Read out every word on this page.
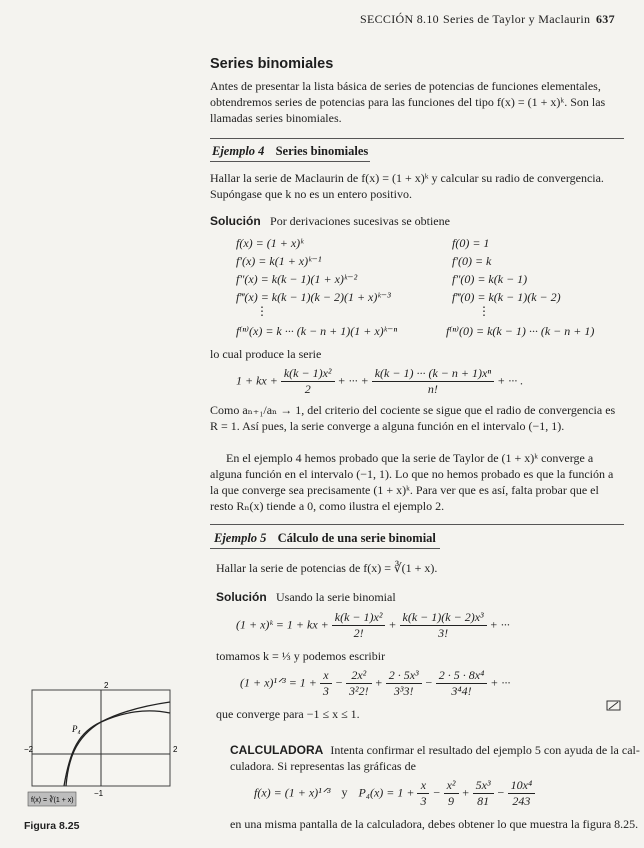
SECCIÓN 8.10 Series de Taylor y Maclaurin 637
Series binomiales
Antes de presentar la lista básica de series de potencias de funciones elementales,
obtendremos series de potencias para las funciones del tipo f(x) = (1 + x)ᵏ. Son las
llamadas series binomiales.
Ejemplo 4 Series binomiales
Hallar la serie de Maclaurin de f(x) = (1 + x)ᵏ y calcular su radio de convergencia.
Supóngase que k no es un entero positivo.
Solución Por derivaciones sucesivas se obtiene
f(x) = (1 + x)ᵏ
f′(x) = k(1 + x)ᵏ⁻¹
f″(x) = k(k − 1)(1 + x)ᵏ⁻²
f‴(x) = k(k − 1)(k − 2)(1 + x)ᵏ⁻³
⋮
f⁽ⁿ⁾(x) = k ··· (k − n + 1)(1 + x)ᵏ⁻ⁿ
f(0) = 1
f′(0) = k
f″(0) = k(k − 1)
f‴(0) = k(k − 1)(k − 2)
⋮
f⁽ⁿ⁾(0) = k(k − 1) ··· (k − n + 1)
lo cual produce la serie
1 + kx + $\frac{\text{k(k − 1)x²}}{2}$ + ··· + $\frac{\text{k(k − 1) ··· (k − n + 1)xⁿ}}{n!}$ + ··· .
Como aₙ₊₁/aₙ → 1, del criterio del cociente se sigue que el radio de convergencia es
R = 1. Así pues, la serie converge a alguna función en el intervalo (−1, 1).
En el ejemplo 4 hemos probado que la serie de Taylor de (1 + x)ᵏ converge a
alguna función en el intervalo (−1, 1). Lo que no hemos probado es que la función a
la que converge sea precisamente (1 + x)ᵏ. Para ver que es así, falta probar que el
resto Rₙ(x) tiende a 0, como ilustra el ejemplo 2.
Ejemplo 5 Cálculo de una serie binomial
Hallar la serie de potencias de f(x) = ∛(1 + x).
Solución Usando la serie binomial
(1 + x)ᵏ = 1 + kx + $\frac{\text{k(k − 1)x²}}{2!} + \frac{\text{k(k − 1)(k − 2)x³}}{3!}$ + ···
tomamos k = ⅓ y podemos escribir
(1 + x)¹ᐟ³ = $1 + \frac{x}{3} - \frac{\text{2x²}}{\text{3²2!}} + \frac{\text{2 · 5x³}}{\text{3³3!}} - \frac{\text{2 · 5 · 8x⁴}}{\text{3⁴4!}}$ + ···
que converge para −1 ≤ x ≤ 1.
CALCULADORA Intenta confirmar el resultado del ejemplo 5 con ayuda de la cal-
culadora. Si representas las gráficas de
f(x) = (1 + x)¹ᐟ³ y $P_4(x) = 1 + \frac{x}{3} - \frac{\text{x²}}{9} + \frac{\text{5x³}}{81} - \frac{\text{10x⁴}}{243}$
en una misma pantalla de la calculadora, debes obtener lo que muestra la figura 8.25.
f(x) = ∛(1 + x)
P₄
2
−1
−2	2
Figura 8.25
